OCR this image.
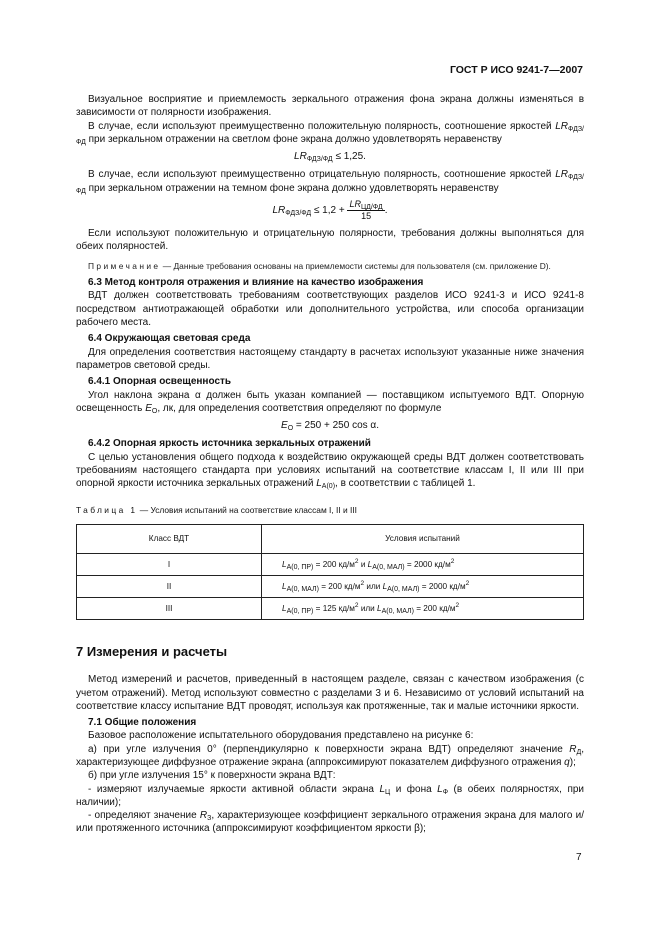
ГОСТ Р ИСО 9241-7—2007

Визуальное восприятие и приемлемость зеркального отражения фона экрана должны изменяться в зависимости от полярности изображения.

В случае, если используют преимущественно положительную полярность, соотношение яркостей $LR_{ФДЗ/ФД}$ при зеркальном отражении на светлом фоне экрана должно удовлетворять неравенству

$LR_{ФДЗ/ФД} \le 1,25$.

В случае, если используют преимущественно отрицательную полярность, соотношение яркостей $LR_{ФДЗ/ФД}$ при зеркальном отражении на темном фоне экрана должно удовлетворять неравенству

$LR_{ФДЗ/ФД} \le 1,2 + \frac{LR_{ЦД/ФД}}{15}$ .

Если используют положительную и отрицательную полярности, требования должны выполняться для обеих полярностей.

Примечание — Данные требования основаны на приемлемости системы для пользователя (см. приложение D).

6.3 Метод контроля отражения и влияние на качество изображения

ВДТ должен соответствовать требованиям соответствующих разделов ИСО 9241-3 и ИСО 9241-8 посредством антиотражающей обработки или дополнительного устройства, или способа организации рабочего места.

6.4 Окружающая световая среда

Для определения соответствия настоящему стандарту в расчетах используют указанные ниже значения параметров световой среды.

6.4.1 Опорная освещенность

Угол наклона экрана α должен быть указан компанией — поставщиком испытуемого ВДТ. Опорную освещенность $E_O$, лк, для определения соответствия определяют по формуле

$E_O = 250 + 250$ cos α.

6.4.2 Опорная яркость источника зеркальных отражений

С целью установления общего подхода к воздействию окружающей среды ВДТ должен соответствовать требованиям настоящего стандарта при условиях испытаний на соответствие классам I, II или III при опорной яркости источника зеркальных отражений $L_{A(0)}$, в соответствии с таблицей 1.

Таблица 1 — Условия испытаний на соответствие классам I, II и III

Класс ВДТ	Условия испытаний
I	$L_{A(0, ПР)} = 200$ $кд/м^2$ и $L_{A(0, МАЛ)} = 2000$ $кд/м^2$
II	$L_{A(0, МАЛ)} = 200$ $кд/м^2$ или $L_{A(0, МАЛ)} = 2000$ $кд/м^2$
III	$L_{A(0, ПР)} = 125$ $кд/м^2$ или $L_{A(0, МАЛ)} = 200$ $кд/м^2$

7 Измерения и расчеты

Метод измерений и расчетов, приведенный в настоящем разделе, связан с качеством изображения (с учетом отражений). Метод используют совместно с разделами 3 и 6. Независимо от условий испытаний на соответствие классу испытание ВДТ проводят, используя как протяженные, так и малые источники яркости.

7.1 Общие положения

Базовое расположение испытательного оборудования представлено на рисунке 6:

а) при угле излучения 0° (перпендикулярно к поверхности экрана ВДТ) определяют значение $R_Д$, характеризующее диффузное отражение экрана (аппроксимируют показателем диффузного отражения q);

б) при угле излучения 15° к поверхности экрана ВДТ:

- измеряют излучаемые яркости активной области экрана $L_Ц$ и фона $L_Ф$ (в обеих полярностях, при наличии);

- определяют значение $R_З$, характеризующее коэффициент зеркального отражения экрана для малого и/или протяженного источника (аппроксимируют коэффициентом яркости β);

7
